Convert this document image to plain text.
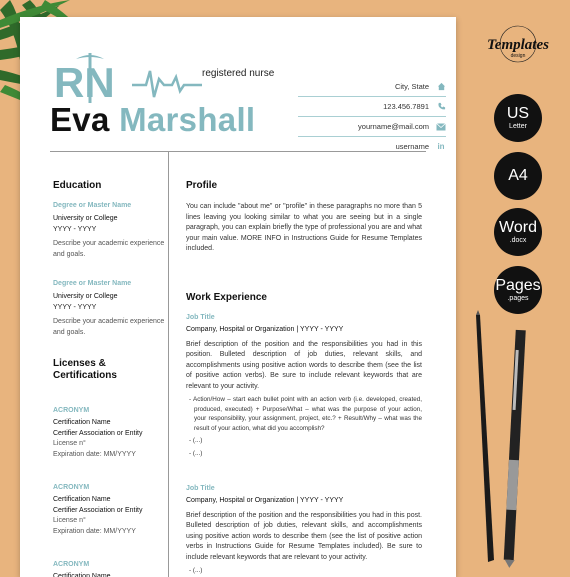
Templates
design
US
Letter
A4
Word
.docx
Pages
.pages
RN	registered nurse
Eva Marshall
City, State
123.456.7891
yourname@mail.com
username in
Education
Degree or Master Name
University or College
YYYY - YYYY
Describe your academic experience and goals.
Degree or Master Name
University or College
YYYY - YYYY
Describe your academic experience and goals.
Licenses &
Certifications
ACRONYM
Certification Name
Certifier Association or Entity
License n°
Expiration date: MM/YYYY
ACRONYM
Certification Name
Certifier Association or Entity
License n°
Expiration date: MM/YYYY
ACRONYM
Certification Name
Profile
You can include "about me" or "profile" in these paragraphs no more than 5 lines leaving you looking similar to what you are seeing but in a single paragraph, you can explain briefly the type of professional you are and what your main value. MORE INFO in Instructions Guide for Resume Templates included.
Work Experience
Job Title
Company, Hospital or Organization | YYYY - YYYY
Brief description of the position and the responsibilities you had in this position. Bulleted description of job duties, relevant skills, and accomplishments using positive action words to describe them (see the list of positive action verbs). Be sure to include relevant keywords that are relevant to your activity.
- Action/How – start each bullet point with an action verb (i.e. developed, created, produced, executed) + Purpose/What – what was the purpose of your action, your responsibility, your assignment, project, etc.? + Result/Why – what was the result of your action, what did you accomplish?
- (...)
- (...)
Job Title
Company, Hospital or Organization | YYYY - YYYY
Brief description of the position and the responsibilities you had in this post. Bulleted description of job duties, relevant skills, and accomplishments using positive action words to describe them (see the list of positive action verbs in Instructions Guide for Resume Templates included). Be sure to include relevant keywords that are relevant to your activity.
- (...)
